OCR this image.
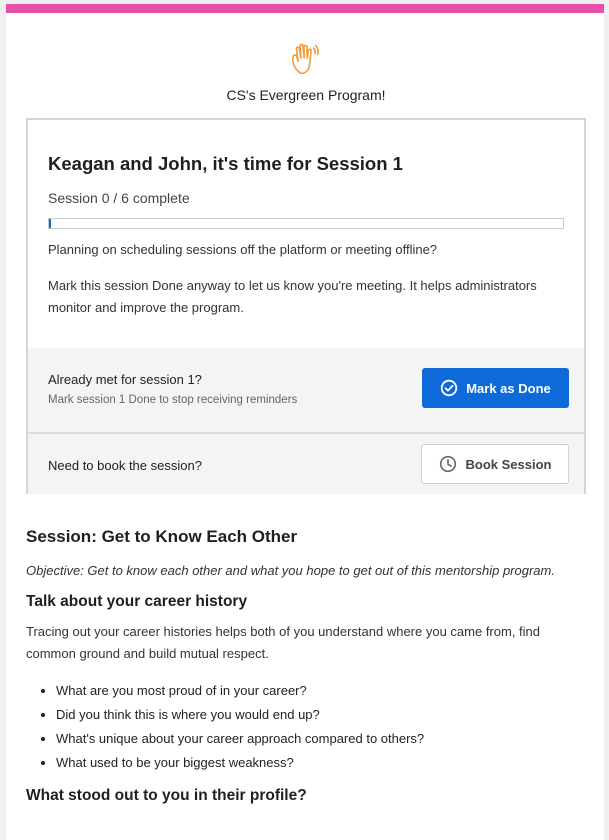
CS's Evergreen Program!
Keagan and John, it's time for Session 1
Session 0 / 6 complete
Planning on scheduling sessions off the platform or meeting offline?
Mark this session Done anyway to let us know you're meeting. It helps administrators monitor and improve the program.
Already met for session 1?
Mark session 1 Done to stop receiving reminders
Mark as Done
Need to book the session?	Book Session
Session: Get to Know Each Other
Objective: Get to know each other and what you hope to get out of this mentorship program.
Talk about your career history
Tracing out your career histories helps both of you understand where you came from, find common ground and build mutual respect.
• What are you most proud of in your career?
• Did you think this is where you would end up?
• What's unique about your career approach compared to others?
• What used to be your biggest weakness?
What stood out to you in their profile?
